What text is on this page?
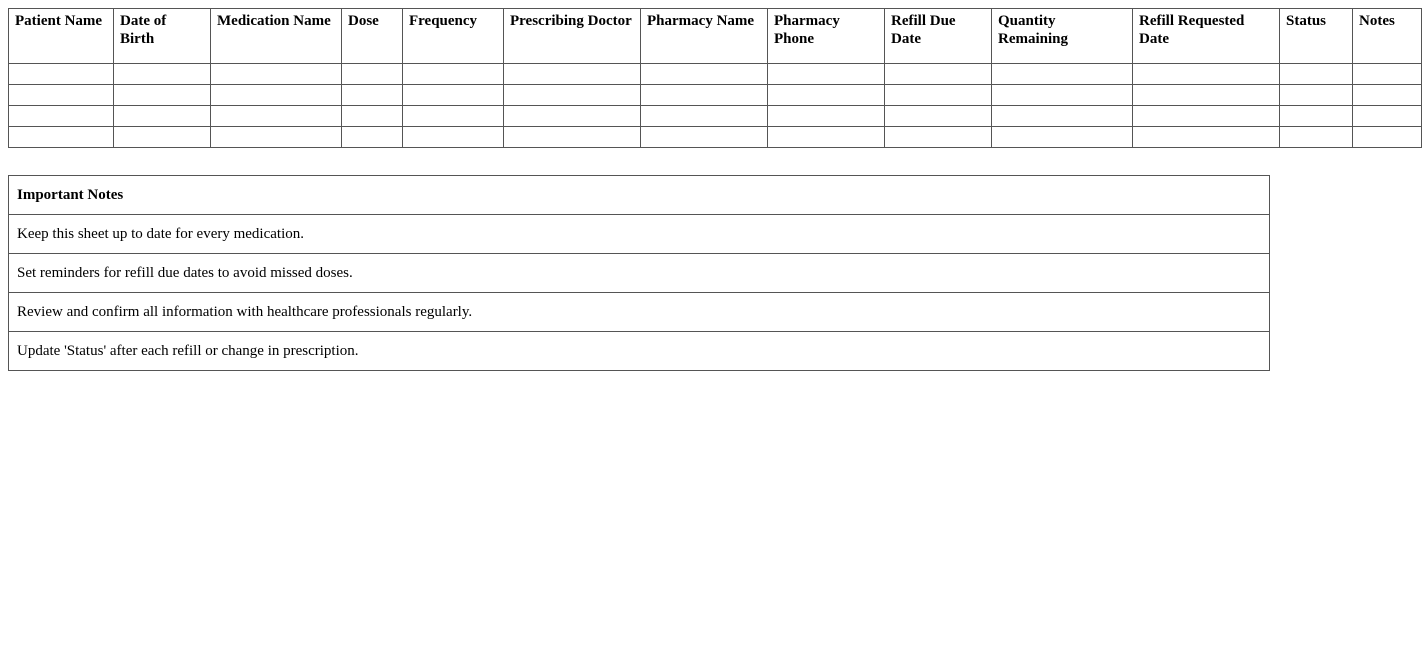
Patient Name	Date of Birth	Medication Name	Dose	Frequency	Prescribing Doctor	Pharmacy Name	Pharmacy Phone	Refill Due Date	Quantity Remaining	Refill Requested Date	Status	Notes

Important Notes
Keep this sheet up to date for every medication.
Set reminders for refill due dates to avoid missed doses.
Review and confirm all information with healthcare professionals regularly.
Update 'Status' after each refill or change in prescription.
